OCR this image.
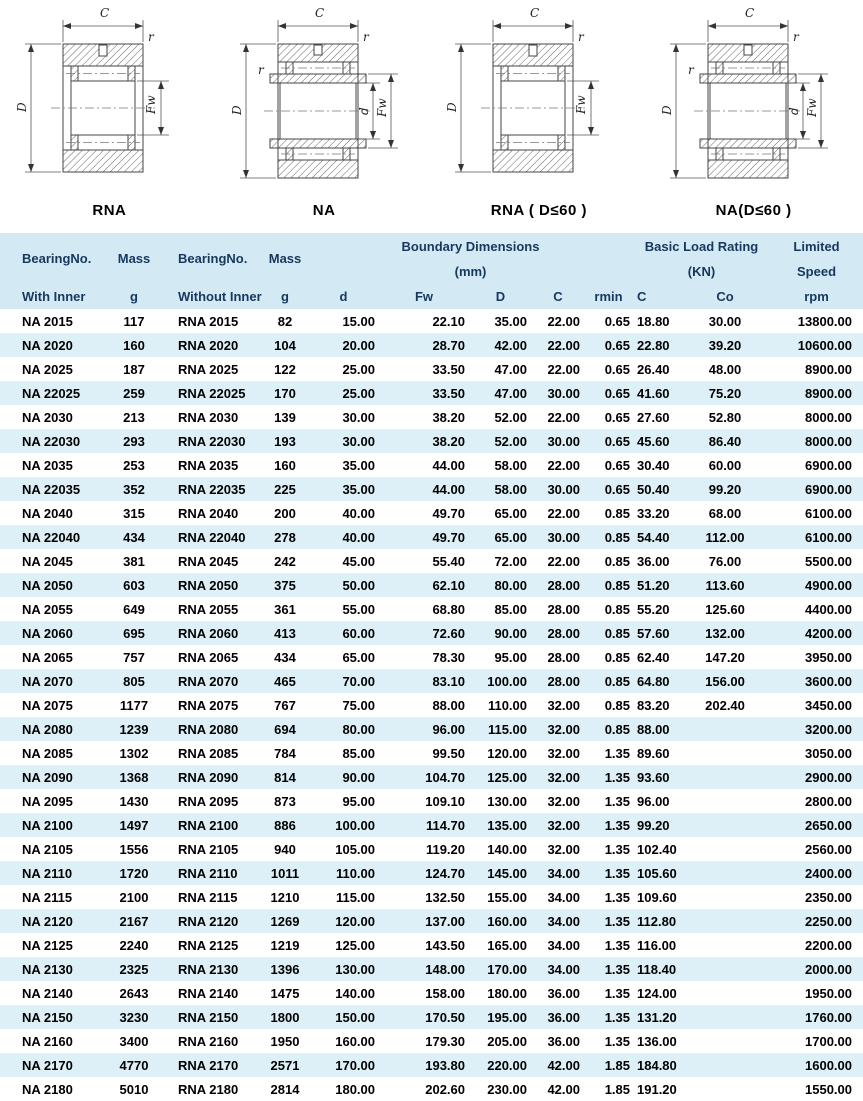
C
D	Fw
r
RNA
C
D	d Fw
r
r
NA
C
D	Fw
r
RNA ( D≤60 )
C
D	d Fw
r
r
NA(D≤60 )
BearingNo.	Mass	BearingNo.	Mass	Boundary Dimensions					Basic Load Rating		Limited
				(mm)					(KN)		Speed
With Inner	g	Without Inner	g	d	Fw	D	C	rmin	C	Co	rpm
NA 2015	117	RNA 2015	82	15.00	22.10	35.00	22.00	0.65	18.80	30.00	13800.00
NA 2020	160	RNA 2020	104	20.00	28.70	42.00	22.00	0.65	22.80	39.20	10600.00
NA 2025	187	RNA 2025	122	25.00	33.50	47.00	22.00	0.65	26.40	48.00	8900.00
NA 22025	259	RNA 22025	170	25.00	33.50	47.00	30.00	0.65	41.60	75.20	8900.00
NA 2030	213	RNA 2030	139	30.00	38.20	52.00	22.00	0.65	27.60	52.80	8000.00
NA 22030	293	RNA 22030	193	30.00	38.20	52.00	30.00	0.65	45.60	86.40	8000.00
NA 2035	253	RNA 2035	160	35.00	44.00	58.00	22.00	0.65	30.40	60.00	6900.00
NA 22035	352	RNA 22035	225	35.00	44.00	58.00	30.00	0.65	50.40	99.20	6900.00
NA 2040	315	RNA 2040	200	40.00	49.70	65.00	22.00	0.85	33.20	68.00	6100.00
NA 22040	434	RNA 22040	278	40.00	49.70	65.00	30.00	0.85	54.40	112.00	6100.00
NA 2045	381	RNA 2045	242	45.00	55.40	72.00	22.00	0.85	36.00	76.00	5500.00
NA 2050	603	RNA 2050	375	50.00	62.10	80.00	28.00	0.85	51.20	113.60	4900.00
NA 2055	649	RNA 2055	361	55.00	68.80	85.00	28.00	0.85	55.20	125.60	4400.00
NA 2060	695	RNA 2060	413	60.00	72.60	90.00	28.00	0.85	57.60	132.00	4200.00
NA 2065	757	RNA 2065	434	65.00	78.30	95.00	28.00	0.85	62.40	147.20	3950.00
NA 2070	805	RNA 2070	465	70.00	83.10	100.00	28.00	0.85	64.80	156.00	3600.00
NA 2075	1177	RNA 2075	767	75.00	88.00	110.00	32.00	0.85	83.20	202.40	3450.00
NA 2080	1239	RNA 2080	694	80.00	96.00	115.00	32.00	0.85	88.00		3200.00
NA 2085	1302	RNA 2085	784	85.00	99.50	120.00	32.00	1.35	89.60		3050.00
NA 2090	1368	RNA 2090	814	90.00	104.70	125.00	32.00	1.35	93.60		2900.00
NA 2095	1430	RNA 2095	873	95.00	109.10	130.00	32.00	1.35	96.00		2800.00
NA 2100	1497	RNA 2100	886	100.00	114.70	135.00	32.00	1.35	99.20		2650.00
NA 2105	1556	RNA 2105	940	105.00	119.20	140.00	32.00	1.35	102.40		2560.00
NA 2110	1720	RNA 2110	1011	110.00	124.70	145.00	34.00	1.35	105.60		2400.00
NA 2115	2100	RNA 2115	1210	115.00	132.50	155.00	34.00	1.35	109.60		2350.00
NA 2120	2167	RNA 2120	1269	120.00	137.00	160.00	34.00	1.35	112.80		2250.00
NA 2125	2240	RNA 2125	1219	125.00	143.50	165.00	34.00	1.35	116.00		2200.00
NA 2130	2325	RNA 2130	1396	130.00	148.00	170.00	34.00	1.35	118.40		2000.00
NA 2140	2643	RNA 2140	1475	140.00	158.00	180.00	36.00	1.35	124.00		1950.00
NA 2150	3230	RNA 2150	1800	150.00	170.50	195.00	36.00	1.35	131.20		1760.00
NA 2160	3400	RNA 2160	1950	160.00	179.30	205.00	36.00	1.35	136.00		1700.00
NA 2170	4770	RNA 2170	2571	170.00	193.80	220.00	42.00	1.85	184.80		1600.00
NA 2180	5010	RNA 2180	2814	180.00	202.60	230.00	42.00	1.85	191.20		1550.00
